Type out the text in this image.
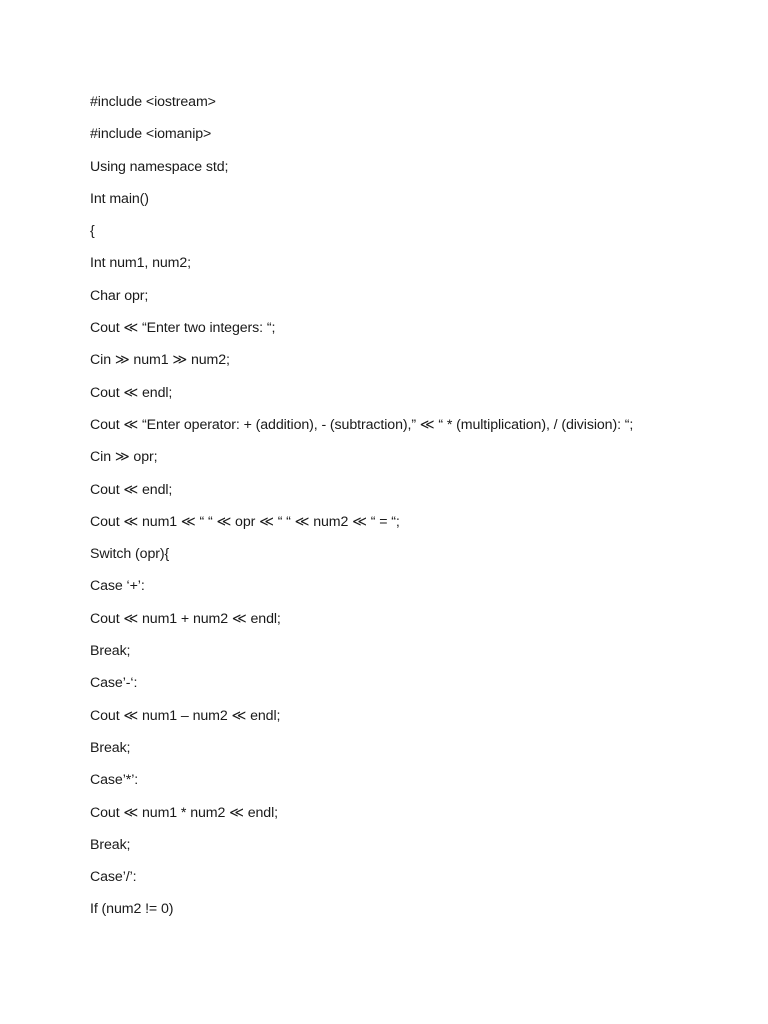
#include <iostream>
#include <iomanip>
Using namespace std;
Int main()
{
Int num1, num2;
Char opr;
Cout ≪ “Enter two integers: “;
Cin ≫ num1 ≫ num2;
Cout ≪ endl;
Cout ≪ “Enter operator: + (addition), - (subtraction),” ≪ “ * (multiplication), / (division): “;
Cin ≫ opr;
Cout ≪ endl;
Cout ≪ num1 ≪ “ “ ≪ opr ≪ “ “ ≪ num2 ≪ “ = “;
Switch (opr){
Case ‘+’:
Cout ≪ num1 + num2 ≪ endl;
Break;
Case’-‘:
Cout ≪ num1 – num2 ≪ endl;
Break;
Case’*’:
Cout ≪ num1 * num2 ≪ endl;
Break;
Case’/’:
If (num2 != 0)
